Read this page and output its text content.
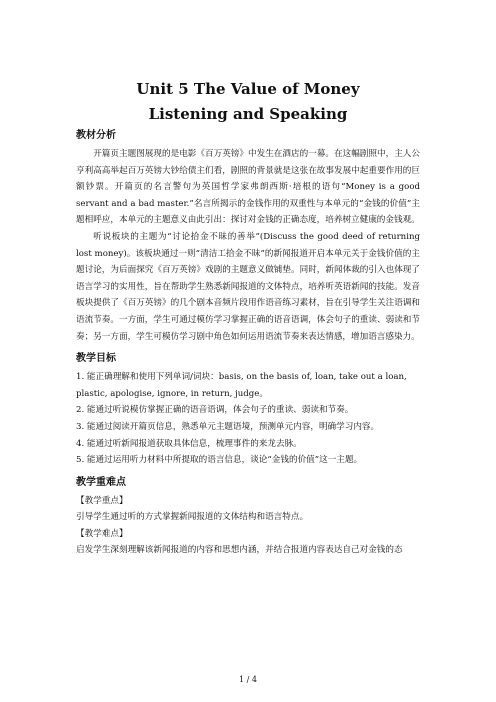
Unit 5 The Value of Money
Listening and Speaking

教材分析

开篇页主题图展现的是电影《百万英镑》中发生在酒店的一幕。在这幅剧照中，主人公亨利高高举起百万英镑大钞给债主们看，剧照的背景就是这张在故事发展中起重要作用的巨额钞票。开篇页的名言警句为英国哲学家弗朗西斯·培根的语句“Money is a good servant and a bad master.”名言所揭示的金钱作用的双重性与本单元的“金钱的价值”主题相呼应，本单元的主题意义由此引出：探讨对金钱的正确态度，培养树立健康的金钱观。

听说板块的主题为“讨论拾金不昧的善举”(Discuss the good deed of returning lost money)。该板块通过一则“清洁工拾金不昧”的新闻报道开启本单元关于金钱价值的主题讨论，为后面探究《百万英镑》戏剧的主题意义做铺垫。同时，新闻体裁的引入也体现了语言学习的实用性，旨在帮助学生熟悉新闻报道的文体特点，培养听英语新闻的技能。发音板块提供了《百万英镑》的几个剧本音频片段用作语音练习素材，旨在引导学生关注语调和语流节奏。一方面，学生可通过模仿学习掌握正确的语音语调，体会句子的重读、弱读和节奏；另一方面，学生可模仿学习剧中角色如何运用语流节奏来表达情感，增加语言感染力。

教学目标

1. 能正确理解和使用下列单词/词块：basis, on the basis of, loan, take out a loan, plastic, apologise, ignore, in return, judge。
2. 能通过听说模仿掌握正确的语音语调，体会句子的重读、弱读和节奏。
3. 能通过阅读开篇页信息，熟悉单元主题语境，预测单元内容，明确学习内容。
4. 能通过听新闻报道获取具体信息，梳理事件的来龙去脉。
5. 能通过运用听力材料中所提取的语言信息，谈论“金钱的价值”这一主题。

教学重难点

【教学重点】

引导学生通过听的方式掌握新闻报道的文体结构和语言特点。

【教学难点】

启发学生深刻理解该新闻报道的内容和思想内涵，并结合报道内容表达自己对金钱的态

1 / 4
